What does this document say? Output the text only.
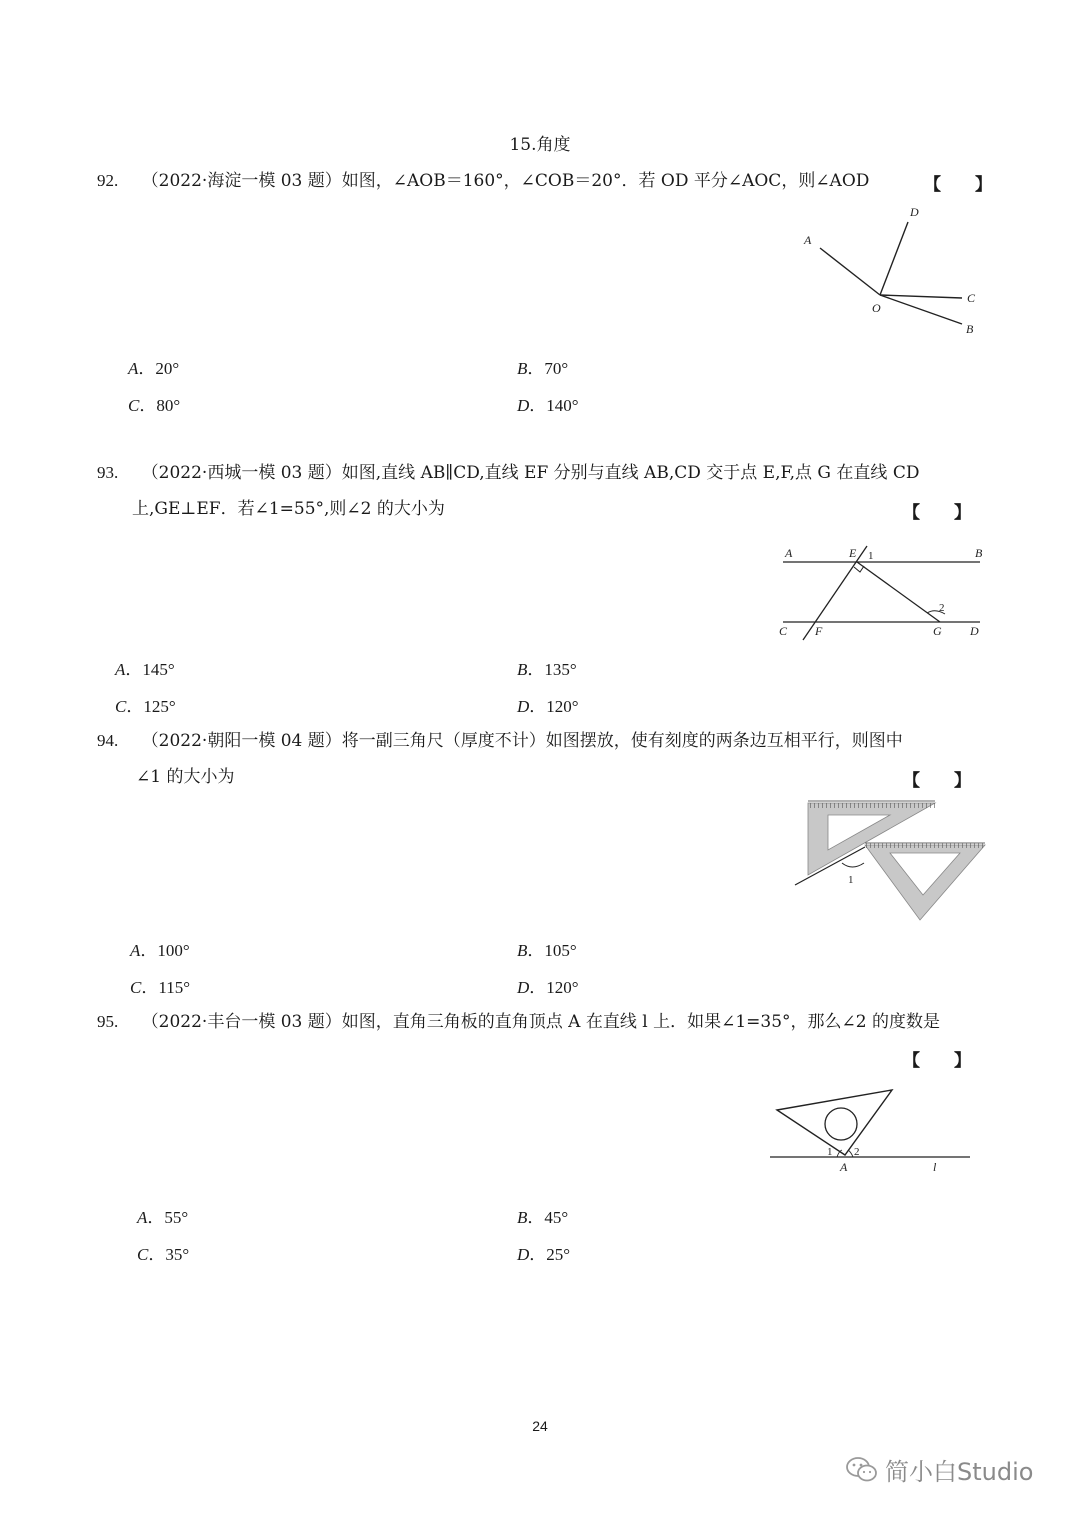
15.角度
92. （2022·海淀一模 03 题）如图，∠AOB＝160°，∠COB＝20°．若 OD 平分∠AOC，则∠AOD	【　　】
A
D
O
C
B
A．20°	B．70°
C．80°	D．140°
93. （2022·西城一模 03 题）如图,直线 AB∥CD,直线 EF 分别与直线 AB,CD 交于点 E,F,点 G 在直线 CD
上,GE⊥EF．若∠1=55°,则∠2 的大小为	【　　】
A	E 1	B
2
C F	G D
A．145°	B．135°
C．125°	D．120°
94. （2022·朝阳一模 04 题）将一副三角尺（厚度不计）如图摆放，使有刻度的两条边互相平行，则图中
∠1 的大小为	【　　】
1
A．100°	B．105°
C．115°	D．120°
95. （2022·丰台一模 03 题）如图，直角三角板的直角顶点 A 在直线 l 上．如果∠1=35°，那么∠2 的度数是
【　　】
1 2
A	l
A．55°	B．45°
C．35°	D．25°
24
简小白Studio
